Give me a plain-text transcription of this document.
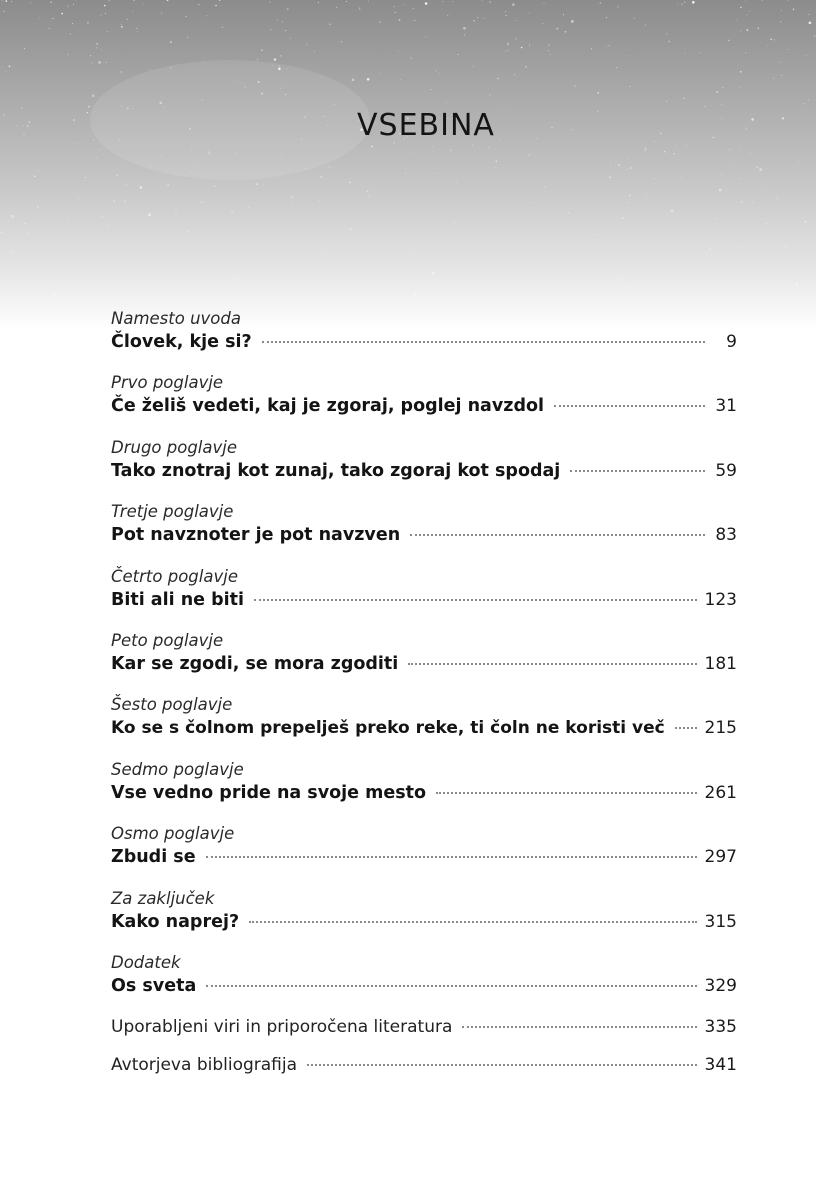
VSEBINA
Namesto uvoda
Človek, kje si?	9
Prvo poglavje
Če želiš vedeti, kaj je zgoraj, poglej navzdol	31
Drugo poglavje
Tako znotraj kot zunaj, tako zgoraj kot spodaj	59
Tretje poglavje
Pot navznoter je pot navzven	83
Četrto poglavje
Biti ali ne biti	123
Peto poglavje
Kar se zgodi, se mora zgoditi	181
Šesto poglavje
Ko se s čolnom prepelješ preko reke, ti čoln ne koristi več 215
Sedmo poglavje
Vse vedno pride na svoje mesto	261
Osmo poglavje
Zbudi se	297
Za zaključek
Kako naprej?	315
Dodatek
Os sveta	329
Uporabljeni viri in priporočena literatura	335
Avtorjeva bibliografija	341
